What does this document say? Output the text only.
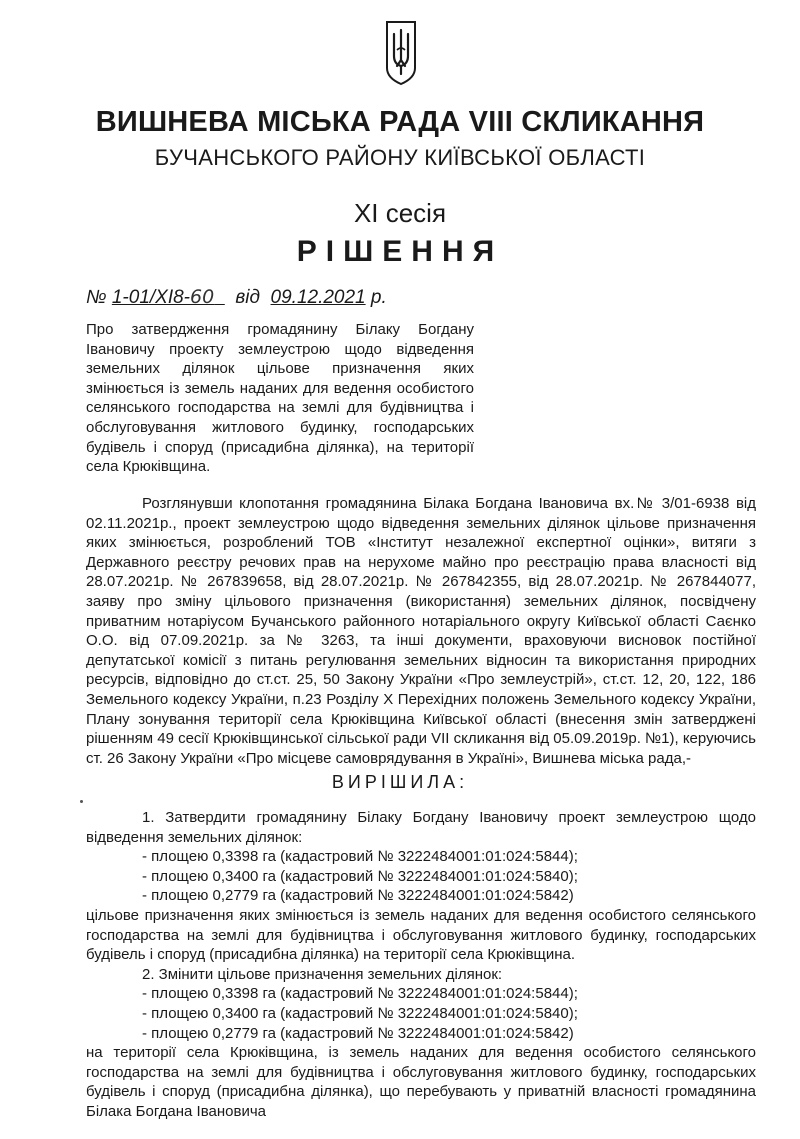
ВИШНЕВА МІСЬКА РАДА VIII СКЛИКАННЯ
БУЧАНСЬКОГО РАЙОНУ КИЇВСЬКОЇ ОБЛАСТІ
XI сесія
РІШЕННЯ
№ 1-01/XI8-60 від 09.12.2021 р.
Про затвердження громадянину Білаку Богдану Івановичу проекту землеустрою щодо відведення земельних ділянок цільове призначення яких змінюється із земель наданих для ведення особистого селянського господарства на землі для будівництва і обслуговування житлового будинку, господарських будівель і споруд (присадибна ділянка), на території села Крюківщина.
Розглянувши клопотання громадянина Білака Богдана Івановича вх.№ 3/01-6938 від 02.11.2021р., проект землеустрою щодо відведення земельних ділянок цільове призначення яких змінюється, розроблений ТОВ «Інститут незалежної експертної оцінки», витяги з Державного реєстру речових прав на нерухоме майно про реєстрацію права власності від 28.07.2021р. № 267839658, від 28.07.2021р. № 267842355, від 28.07.2021р. № 267844077, заяву про зміну цільового призначення (використання) земельних ділянок, посвідчену приватним нотаріусом Бучанського районного нотаріального округу Київської області Саєнко О.О. від 07.09.2021р. за № 3263, та інші документи, враховуючи висновок постійної депутатської комісії з питань регулювання земельних відносин та використання природних ресурсів, відповідно до ст.ст. 25, 50 Закону України «Про землеустрій», ст.ст. 12, 20, 122, 186 Земельного кодексу України, п.23 Розділу Х Перехідних положень Земельного кодексу України, Плану зонування території села Крюківщина Київської області (внесення змін затверджені рішенням 49 сесії Крюківщинської сільської ради VII скликання від 05.09.2019р. №1), керуючись ст. 26 Закону України «Про місцеве самоврядування в Україні», Вишнева міська рада,-
ВИРІШИЛА:
1. Затвердити громадянину Білаку Богдану Івановичу проект землеустрою щодо відведення земельних ділянок:
- площею 0,3398 га (кадастровий № 3222484001:01:024:5844);
- площею 0,3400 га (кадастровий № 3222484001:01:024:5840);
- площею 0,2779 га (кадастровий № 3222484001:01:024:5842)
цільове призначення яких змінюється із земель наданих для ведення особистого селянського господарства на землі для будівництва і обслуговування житлового будинку, господарських будівель і споруд (присадибна ділянка) на території села Крюківщина.
2. Змінити цільове призначення земельних ділянок:
- площею 0,3398 га (кадастровий № 3222484001:01:024:5844);
- площею 0,3400 га (кадастровий № 3222484001:01:024:5840);
- площею 0,2779 га (кадастровий № 3222484001:01:024:5842)
на території села Крюківщина, із земель наданих для ведення особистого селянського господарства на землі для будівництва і обслуговування житлового будинку, господарських будівель і споруд (присадибна ділянка), що перебувають у приватній власності громадянина Білака Богдана Івановича
